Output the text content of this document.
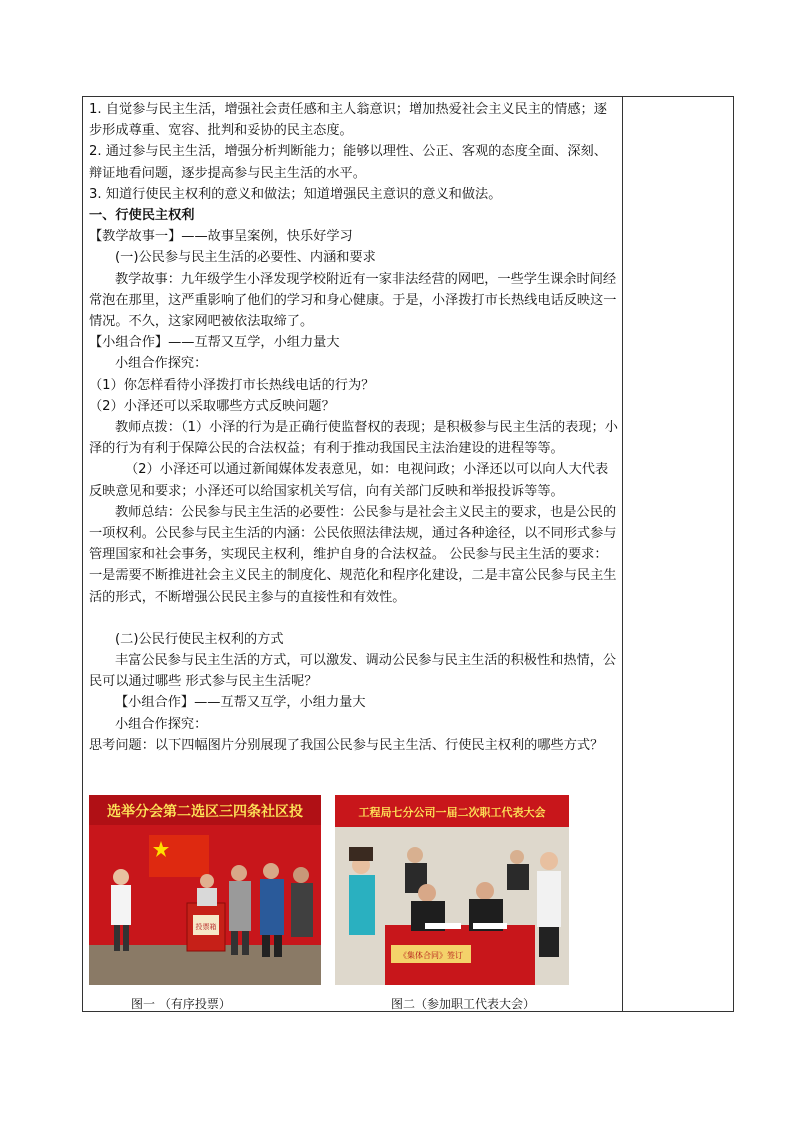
1. 自觉参与民主生活，增强社会责任感和主人翁意识；增加热爱社会主义民主的情感；逐步形成尊重、宽容、批判和妥协的民主态度。

2. 通过参与民主生活，增强分析判断能力；能够以理性、公正、客观的态度全面、深刻、辩证地看问题，逐步提高参与民主生活的水平。

3. 知道行使民主权利的意义和做法；知道增强民主意识的意义和做法。

一、行使民主权利

【教学故事一】——故事呈案例，快乐好学习

(一)公民参与民主生活的必要性、内涵和要求

教学故事：九年级学生小泽发现学校附近有一家非法经营的网吧，一些学生课余时间经常泡在那里，这严重影响了他们的学习和身心健康。于是，小泽拨打市长热线电话反映这一情况。不久，这家网吧被依法取缔了。

【小组合作】——互帮又互学，小组力量大

小组合作探究：

（1）你怎样看待小泽拨打市长热线电话的行为？

（2）小泽还可以采取哪些方式反映问题？

教师点拨：（1）小泽的行为是正确行使监督权的表现；是积极参与民主生活的表现；小泽的行为有利于保障公民的合法权益；有利于推动我国民主法治建设的进程等等。

（2）小泽还可以通过新闻媒体发表意见，如：电视问政；小泽还以可以向人大代表反映意见和要求；小泽还可以给国家机关写信，向有关部门反映和举报投诉等等。

教师总结：公民参与民主生活的必要性：公民参与是社会主义民主的要求，也是公民的一项权利。公民参与民主生活的内涵：公民依照法律法规，通过各种途径，以不同形式参与管理国家和社会事务，实现民主权利，维护自身的合法权益。 公民参与民主生活的要求：一是需要不断推进社会主义民主的制度化、规范化和程序化建设，二是丰富公民参与民主生活的形式，不断增强公民民主参与的直接性和有效性。

(二)公民行使民主权利的方式

丰富公民参与民主生活的方式，可以激发、调动公民参与民主生活的积极性和热情，公民可以通过哪些 形式参与民主生活呢？

【小组合作】——互帮又互学，小组力量大

小组合作探究：

思考问题：以下四幅图片分别展现了我国公民参与民主生活、行使民主权利的哪些方式？

选举分会第二选区三四条社区投
投票箱
图一 （有序投票）
工程局七分公司一届二次职工代表大会
《集体合同》签订
图二（参加职工代表大会）
